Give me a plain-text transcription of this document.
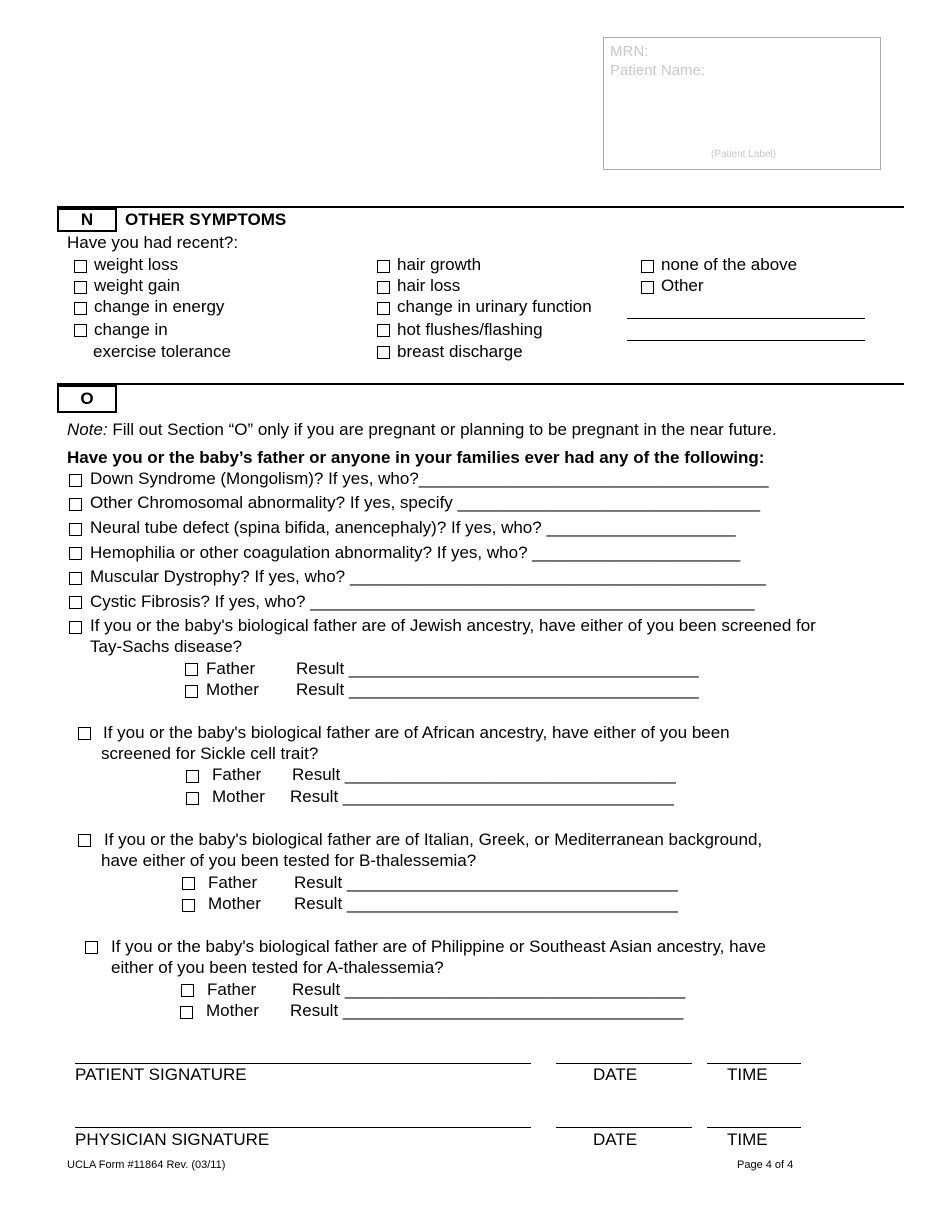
MRN:
Patient Name:
(Patient Label)
N	OTHER SYMPTOMS
Have you had recent?:
weight loss
weight gain
change in energy
change in
exercise tolerance
hair growth
hair loss
change in urinary function
hot flushes/flashing
breast discharge
none of the above
Other
O
Note: Fill out Section “O” only if you are pregnant or planning to be pregnant in the near future.
Have you or the baby’s father or anyone in your families ever had any of the following:
Down Syndrome (Mongolism)? If yes, who?_____________________________________
Other Chromosomal abnormality? If yes, specify ________________________________
Neural tube defect (spina bifida, anencephaly)? If yes, who? ____________________
Hemophilia or other coagulation abnormality? If yes, who? ______________________
Muscular Dystrophy? If yes, who? ____________________________________________
Cystic Fibrosis? If yes, who? _______________________________________________
If you or the baby's biological father are of Jewish ancestry, have either of you been screened for
Tay-Sachs disease?
Father Result _____________________________________
Mother Result _____________________________________
If you or the baby's biological father are of African ancestry, have either of you been
screened for Sickle cell trait?
Father Result ___________________________________
Mother Result ___________________________________
If you or the baby's biological father are of Italian, Greek, or Mediterranean background,
have either of you been tested for B-thalessemia?
Father Result ___________________________________
Mother Result ___________________________________
If you or the baby's biological father are of Philippine or Southeast Asian ancestry, have
either of you been tested for A-thalessemia?
Father Result ____________________________________
Mother Result ____________________________________
PATIENT SIGNATURE	DATE	TIME
PHYSICIAN SIGNATURE	DATE	TIME
UCLA Form #11864 Rev. (03/11)	Page 4 of 4
